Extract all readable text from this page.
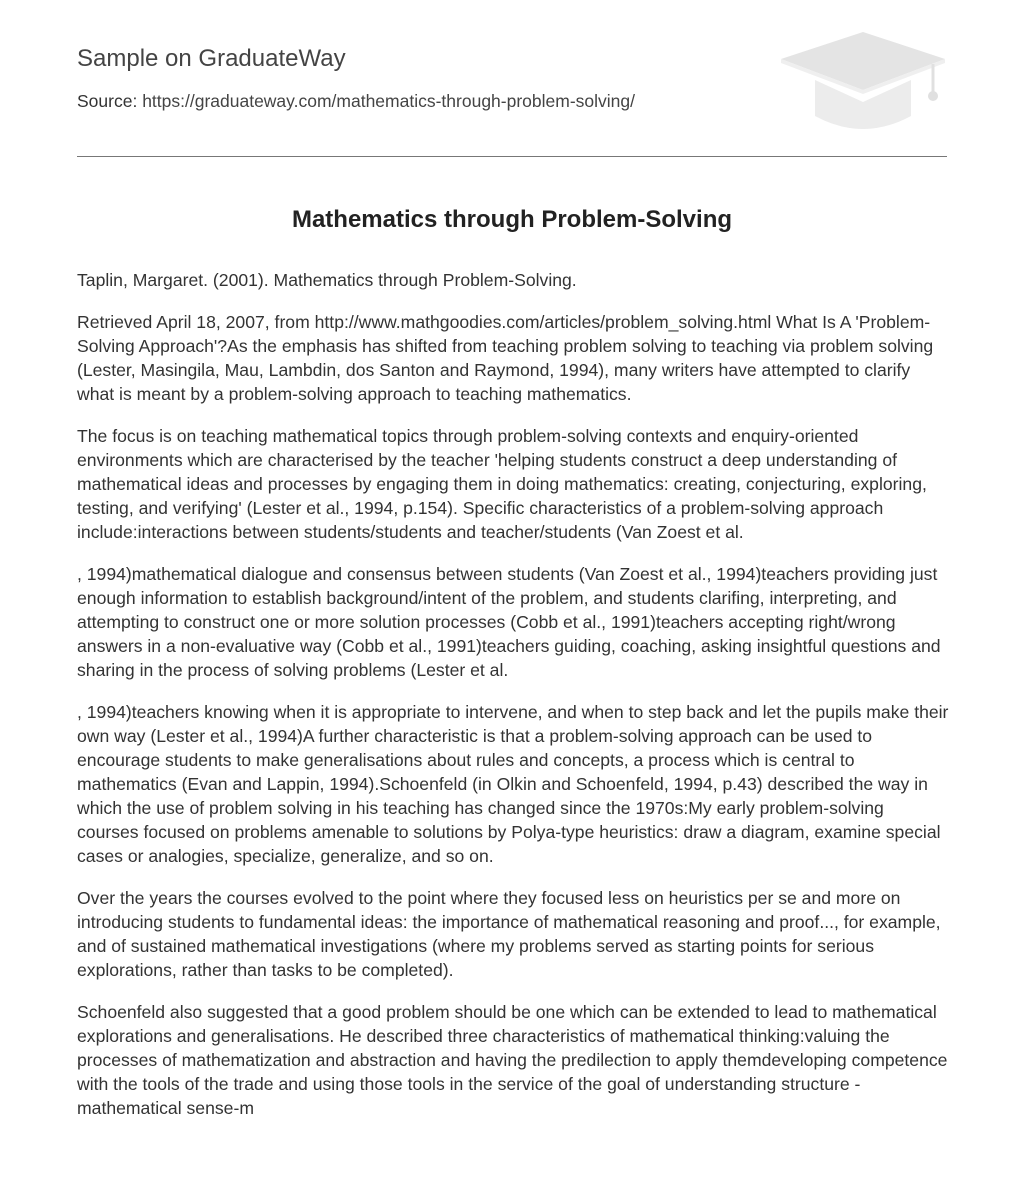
Sample on GraduateWay
Source: https://graduateway.com/mathematics-through-problem-solving/
Mathematics through Problem-Solving

Taplin, Margaret. (2001). Mathematics through Problem-Solving.

Retrieved April 18, 2007, from http://www.mathgoodies.com/articles/problem_solving.html What Is A 'Problem-Solving Approach'?As the emphasis has shifted from teaching problem solving to teaching via problem solving (Lester, Masingila, Mau, Lambdin, dos Santon and Raymond, 1994), many writers have attempted to clarify what is meant by a problem-solving approach to teaching mathematics.

The focus is on teaching mathematical topics through problem-solving contexts and enquiry-oriented environments which are characterised by the teacher 'helping students construct a deep understanding of mathematical ideas and processes by engaging them in doing mathematics: creating, conjecturing, exploring, testing, and verifying' (Lester et al., 1994, p.154). Specific characteristics of a problem-solving approach include:interactions between students/students and teacher/students (Van Zoest et al.

, 1994)mathematical dialogue and consensus between students (Van Zoest et al., 1994)teachers providing just enough information to establish background/intent of the problem, and students clarifing, interpreting, and attempting to construct one or more solution processes (Cobb et al., 1991)teachers accepting right/wrong answers in a non-evaluative way (Cobb et al., 1991)teachers guiding, coaching, asking insightful questions and sharing in the process of solving problems (Lester et al.

, 1994)teachers knowing when it is appropriate to intervene, and when to step back and let the pupils make their own way (Lester et al., 1994)A further characteristic is that a problem-solving approach can be used to encourage students to make generalisations about rules and concepts, a process which is central to mathematics (Evan and Lappin, 1994).Schoenfeld (in Olkin and Schoenfeld, 1994, p.43) described the way in which the use of problem solving in his teaching has changed since the 1970s:My early problem-solving courses focused on problems amenable to solutions by Polya-type heuristics: draw a diagram, examine special cases or analogies, specialize, generalize, and so on.

Over the years the courses evolved to the point where they focused less on heuristics per se and more on introducing students to fundamental ideas: the importance of mathematical reasoning and proof..., for example, and of sustained mathematical investigations (where my problems served as starting points for serious explorations, rather than tasks to be completed).

Schoenfeld also suggested that a good problem should be one which can be extended to lead to mathematical explorations and generalisations. He described three characteristics of mathematical thinking:valuing the processes of mathematization and abstraction and having the predilection to apply themdeveloping competence with the tools of the trade and using those tools in the service of the goal of understanding structure - mathematical sense-m
